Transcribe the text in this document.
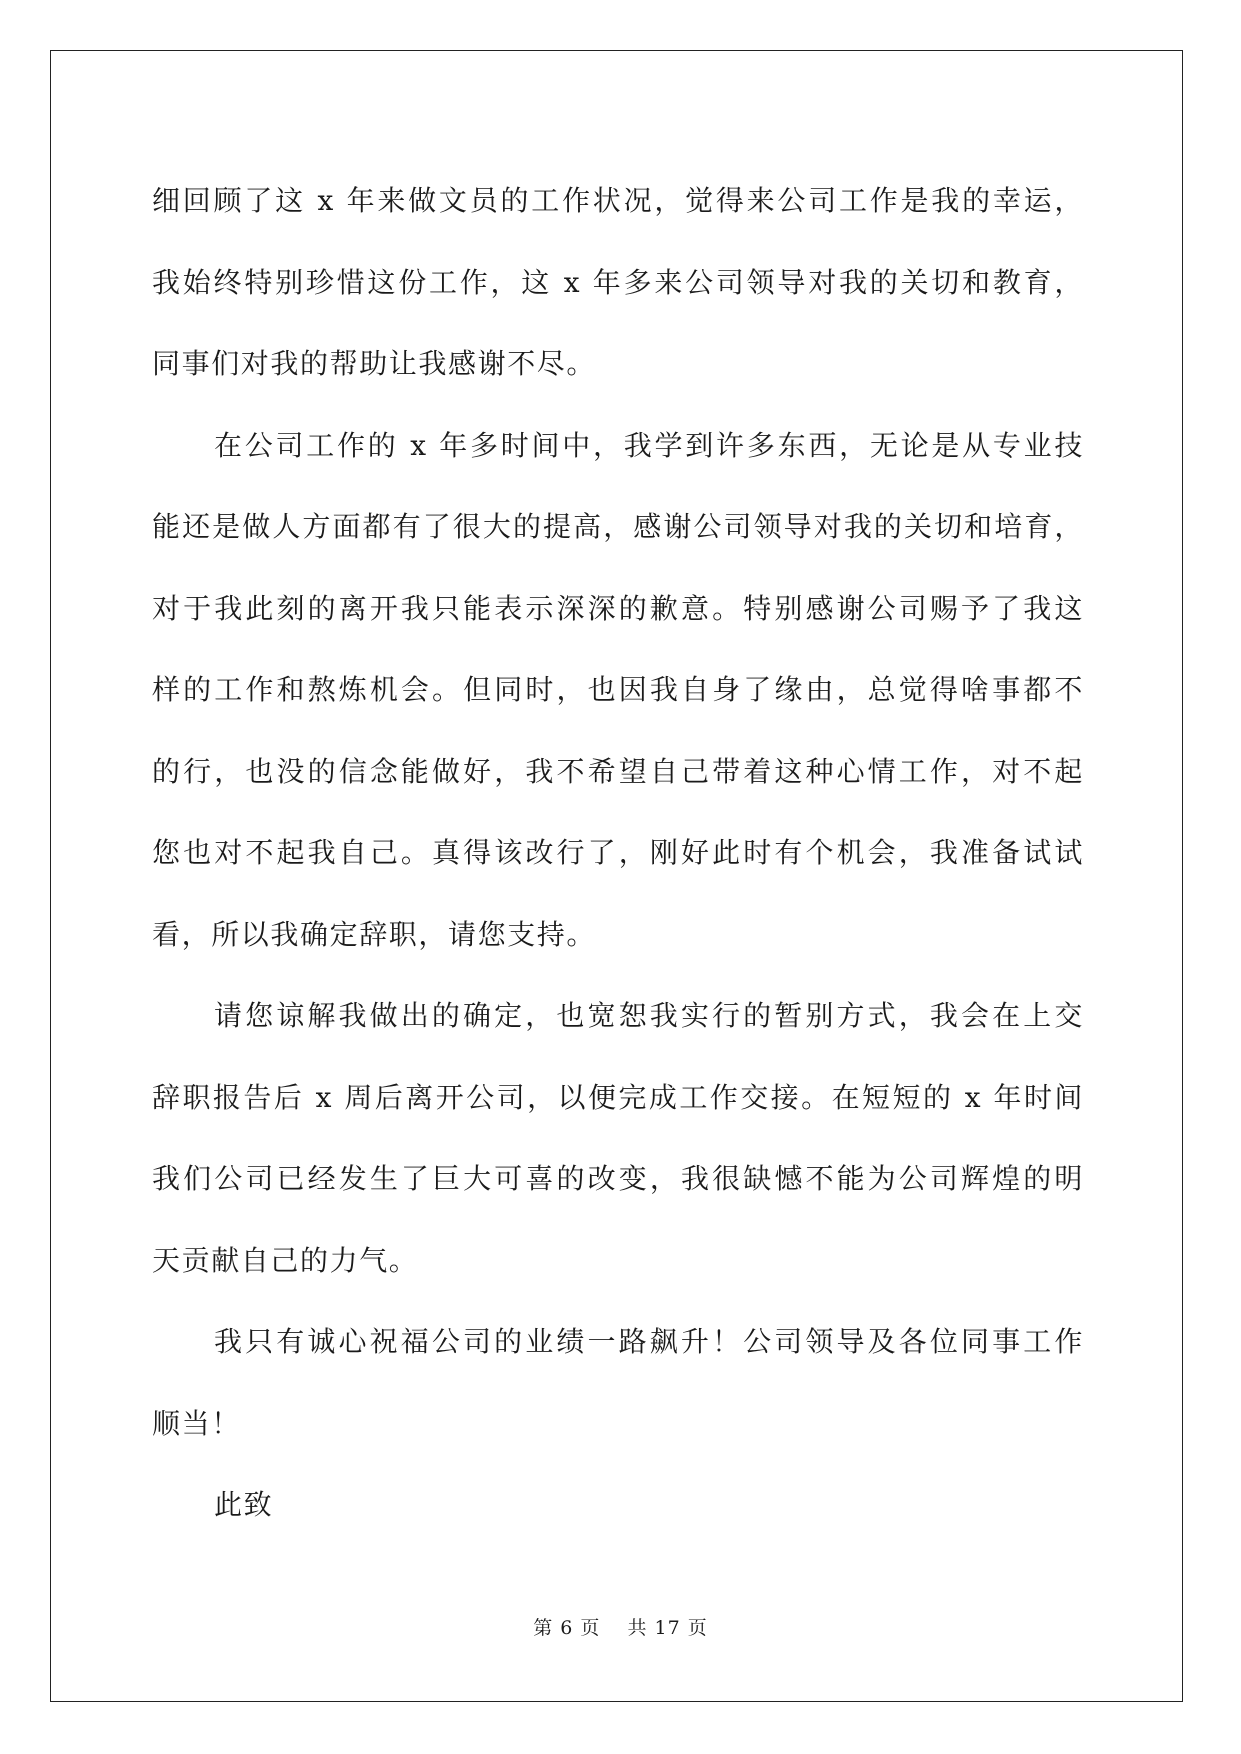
细回顾了这 x 年来做文员的工作状况，觉得来公司工作是我的幸运，

我始终特别珍惜这份工作，这 x 年多来公司领导对我的关切和教育，

同事们对我的帮助让我感谢不尽。

在公司工作的 x 年多时间中，我学到许多东西，无论是从专业技

能还是做人方面都有了很大的提高，感谢公司领导对我的关切和培育，

对于我此刻的离开我只能表示深深的歉意。特别感谢公司赐予了我这

样的工作和熬炼机会。但同时，也因我自身了缘由，总觉得啥事都不

的行，也没的信念能做好，我不希望自己带着这种心情工作，对不起

您也对不起我自己。真得该改行了，刚好此时有个机会，我准备试试

看，所以我确定辞职，请您支持。

请您谅解我做出的确定，也宽恕我实行的暂别方式，我会在上交

辞职报告后 x 周后离开公司，以便完成工作交接。在短短的 x 年时间

我们公司已经发生了巨大可喜的改变，我很缺憾不能为公司辉煌的明

天贡献自己的力气。

我只有诚心祝福公司的业绩一路飙升！公司领导及各位同事工作

顺当！

此致

第 6 页 共 17 页
